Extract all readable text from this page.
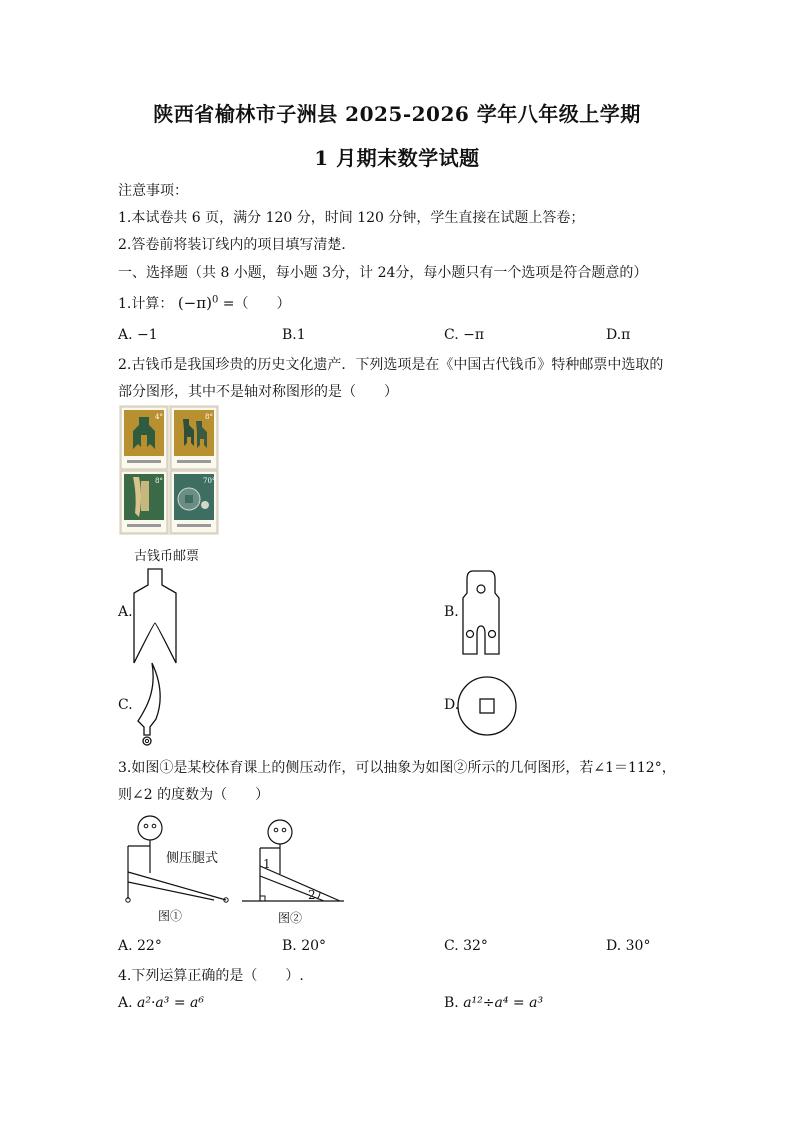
陕西省榆林市子洲县 2025-2026 学年八年级上学期
1 月期末数学试题
注意事项：
1.本试卷共 6 页，满分 120 分，时间 120 分钟，学生直接在试题上答卷；
2.答卷前将装订线内的项目填写清楚．
一、选择题（共 8 小题，每小题 3分，计 24分，每小题只有一个选项是符合题意的）
1.计算： $(-\pi)^0$ =（　　）
A. −1	B.1	C. −π	D.π
2.古钱币是我国珍贵的历史文化遗产．下列选项是在《中国古代钱币》特种邮票中选取的
部分图形，其中不是轴对称图形的是（　　）
4°	8°
8°	70°
古钱币邮票
A.	B.
C.	D.
3.如图①是某校体育课上的侧压动作，可以抽象为如图②所示的几何图形，若∠1＝112°，
则∠2 的度数为（　　）
侧压腿式
图①
1
2
图②
A. 22°	B. 20°	C. 32°	D. 30°
4.下列运算正确的是（　　）.
A. a²·a³ = a⁶	B. a¹²÷a⁴ = a³
